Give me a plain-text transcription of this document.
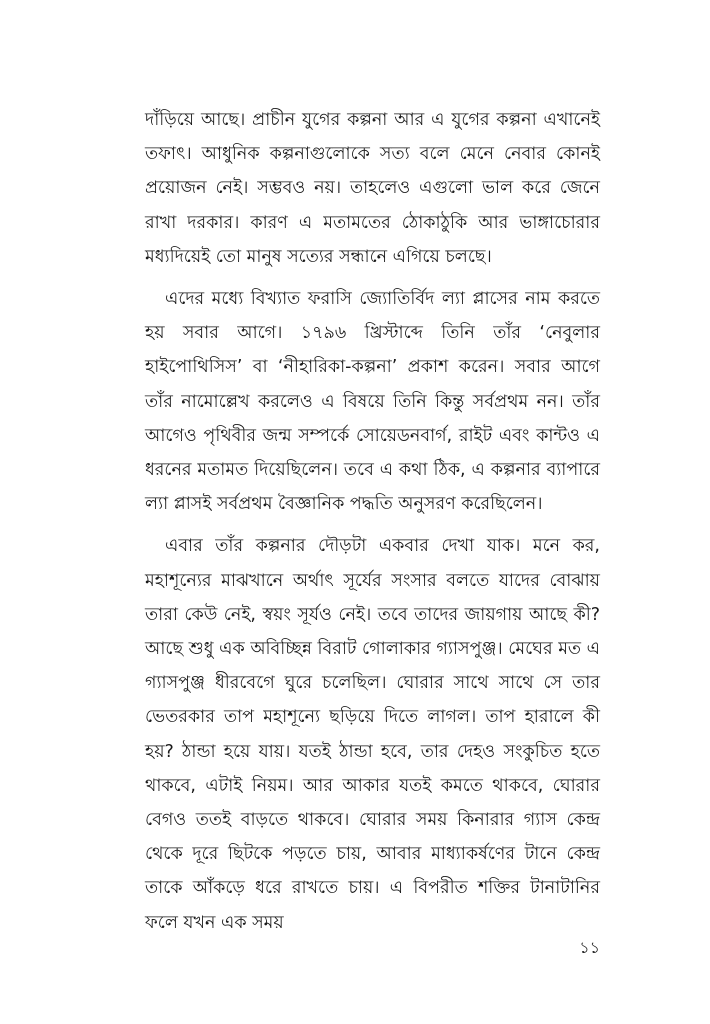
দাঁড়িয়ে আছে। প্রাচীন যুগের কল্পনা আর এ যুগের কল্পনা এখানেই তফাৎ। আধুনিক কল্পনাগুলোকে সত্য বলে মেনে নেবার কোনই প্রয়োজন নেই। সম্ভবও নয়। তাহলেও এগুলো ভাল করে জেনে রাখা দরকার। কারণ এ মতামতের ঠোকাঠুকি আর ভাঙ্গাচোরার মধ্যদিয়েই তো মানুষ সত্যের সন্ধানে এগিয়ে চলছে।

এদের মধ্যে বিখ্যাত ফরাসি জ্যোতির্বিদ ল্যা প্লাসের নাম করতে হয় সবার আগে। ১৭৯৬ খ্রিস্টাব্দে তিনি তাঁর ‘নেবুলার হাইপোথিসিস’ বা ‘নীহারিকা-কল্পনা’ প্রকাশ করেন। সবার আগে তাঁর নামোল্লেখ করলেও এ বিষয়ে তিনি কিন্তু সর্বপ্রথম নন। তাঁর আগেও পৃথিবীর জন্ম সম্পর্কে সোয়েডনবার্গ, রাইট এবং কান্টও এ ধরনের মতামত দিয়েছিলেন। তবে এ কথা ঠিক, এ কল্পনার ব্যাপারে ল্যা প্লাসই সর্বপ্রথম বৈজ্ঞানিক পদ্ধতি অনুসরণ করেছিলেন।

এবার তাঁর কল্পনার দৌড়টা একবার দেখা যাক। মনে কর, মহাশূন্যের মাঝখানে অর্থাৎ সূর্যের সংসার বলতে যাদের বোঝায় তারা কেউ নেই, স্বয়ং সূর্যও নেই। তবে তাদের জায়গায় আছে কী? আছে শুধু এক অবিচ্ছিন্ন বিরাট গোলাকার গ্যাসপুঞ্জ। মেঘের মত এ গ্যাসপুঞ্জ ধীরবেগে ঘুরে চলেছিল। ঘোরার সাথে সাথে সে তার ভেতরকার তাপ মহাশূন্যে ছড়িয়ে দিতে লাগল। তাপ হারালে কী হয়? ঠান্ডা হয়ে যায়। যতই ঠান্ডা হবে, তার দেহও সংকুচিত হতে থাকবে, এটাই নিয়ম। আর আকার যতই কমতে থাকবে, ঘোরার বেগও ততই বাড়তে থাকবে। ঘোরার সময় কিনারার গ্যাস কেন্দ্র থেকে দূরে ছিটকে পড়তে চায়, আবার মাধ্যাকর্ষণের টানে কেন্দ্র তাকে আঁকড়ে ধরে রাখতে চায়। এ বিপরীত শক্তির টানাটানির ফলে যখন এক সময়

১১
